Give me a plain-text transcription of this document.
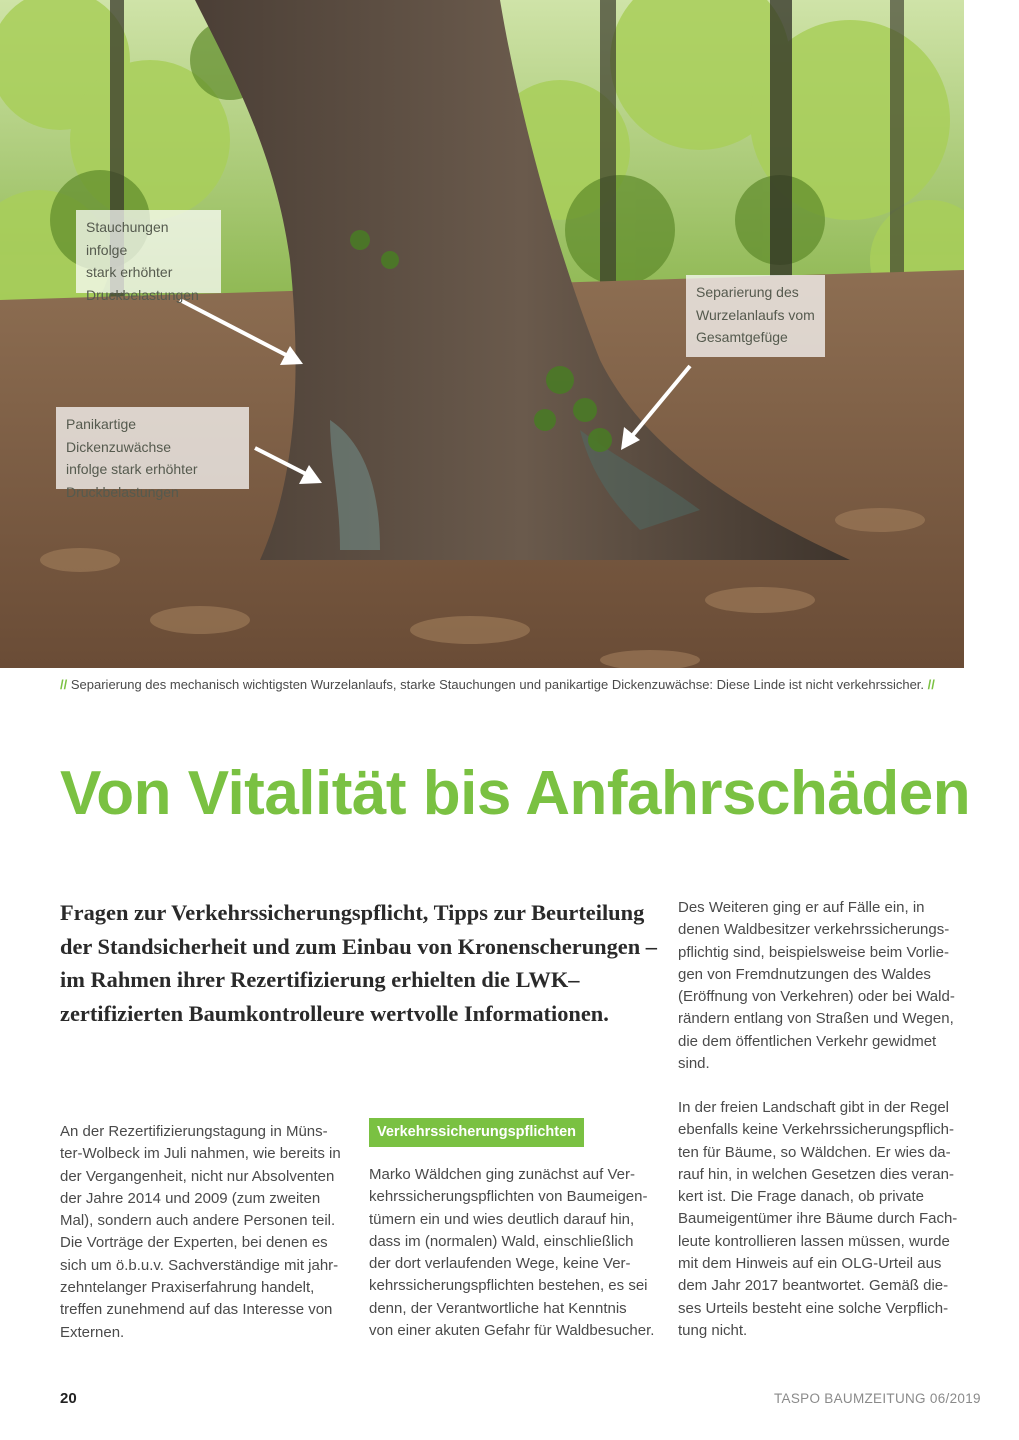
Stauchungen infolge
stark erhöhter
Druckbelastungen	Separierung des
Wurzelanlaufs vom
Gesamtgefüge
Panikartige Dickenzuwächse
infolge stark erhöhter
Druckbelastungen
// Separierung des mechanisch wichtigsten Wurzelanlaufs, starke Stauchungen und panikartige Dickenzuwächse: Diese Linde ist nicht verkehrssicher. //
Von Vitalität bis Anfahrschäden
Fragen zur Verkehrssicherungspflicht, Tipps zur Beurteilung der Standsicherheit und zum Einbau von Kronenscherungen – im Rahmen ihrer Rezertifizierung erhielten die LWK–zertifizierten Baumkontrolleure wertvolle Informationen.
Des Weiteren ging er auf Fälle ein, in
denen Waldbesitzer verkehrssicherungs-
pflichtig sind, beispielsweise beim Vorlie-
gen von Fremdnutzungen des Waldes
(Eröffnung von Verkehren) oder bei Wald-
rändern entlang von Straßen und Wegen,
die dem öffentlichen Verkehr gewidmet
sind.
An der Rezertifizierungstagung in Müns-
ter-Wolbeck im Juli nahmen, wie bereits in
der Vergangenheit, nicht nur Absolventen
der Jahre 2014 und 2009 (zum zweiten
Mal), sondern auch andere Personen teil.
Die Vorträge der Experten, bei denen es
sich um ö.b.u.v. Sachverständige mit jahr-
zehntelanger Praxiserfahrung handelt,
treffen zunehmend auf das Interesse von
Externen.
Verkehrssicherungspflichten
Marko Wäldchen ging zunächst auf Ver-
kehrssicherungspflichten von Baumeigen-
tümern ein und wies deutlich darauf hin,
dass im (normalen) Wald, einschließlich
der dort verlaufenden Wege, keine Ver-
kehrssicherungspflichten bestehen, es sei
denn, der Verantwortliche hat Kenntnis
von einer akuten Gefahr für Waldbesucher.
In der freien Landschaft gibt in der Regel
ebenfalls keine Verkehrssicherungspflich-
ten für Bäume, so Wäldchen. Er wies da-
rauf hin, in welchen Gesetzen dies veran-
kert ist. Die Frage danach, ob private
Baumeigentümer ihre Bäume durch Fach-
leute kontrollieren lassen müssen, wurde
mit dem Hinweis auf ein OLG-Urteil aus
dem Jahr 2017 beantwortet. Gemäß die-
ses Urteils besteht eine solche Verpflich-
tung nicht.
20	TASPO BAUMZEITUNG 06/2019
